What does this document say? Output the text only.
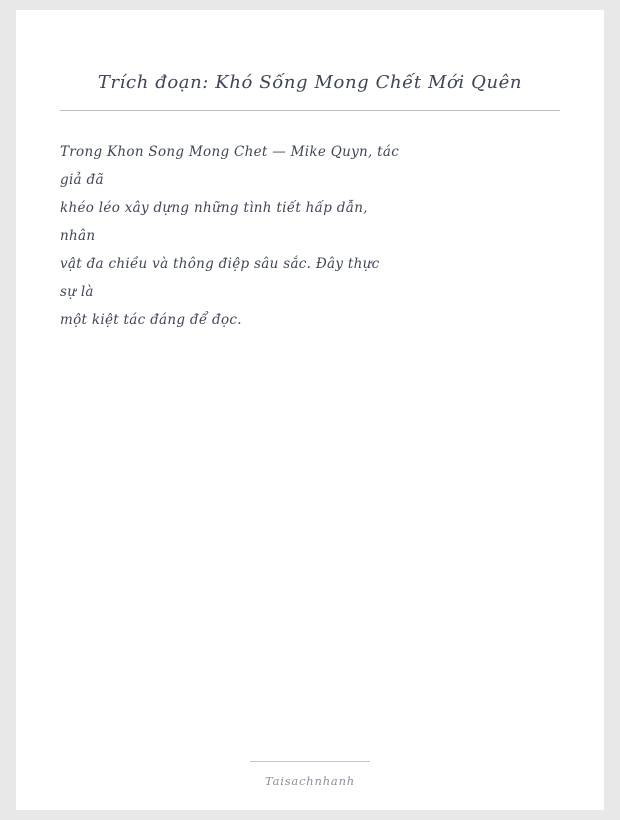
Trích đoạn: Khó Sống Mong Chết Mới Quên
Trong Khon Song Mong Chet — Mike Quyn, tác
giả đã
khéo léo xây dựng những tình tiết hấp dẫn,
nhân
vật đa chiều và thông điệp sâu sắc. Đây thực
sự là
một kiệt tác đáng để đọc.
Taisachnhanh
